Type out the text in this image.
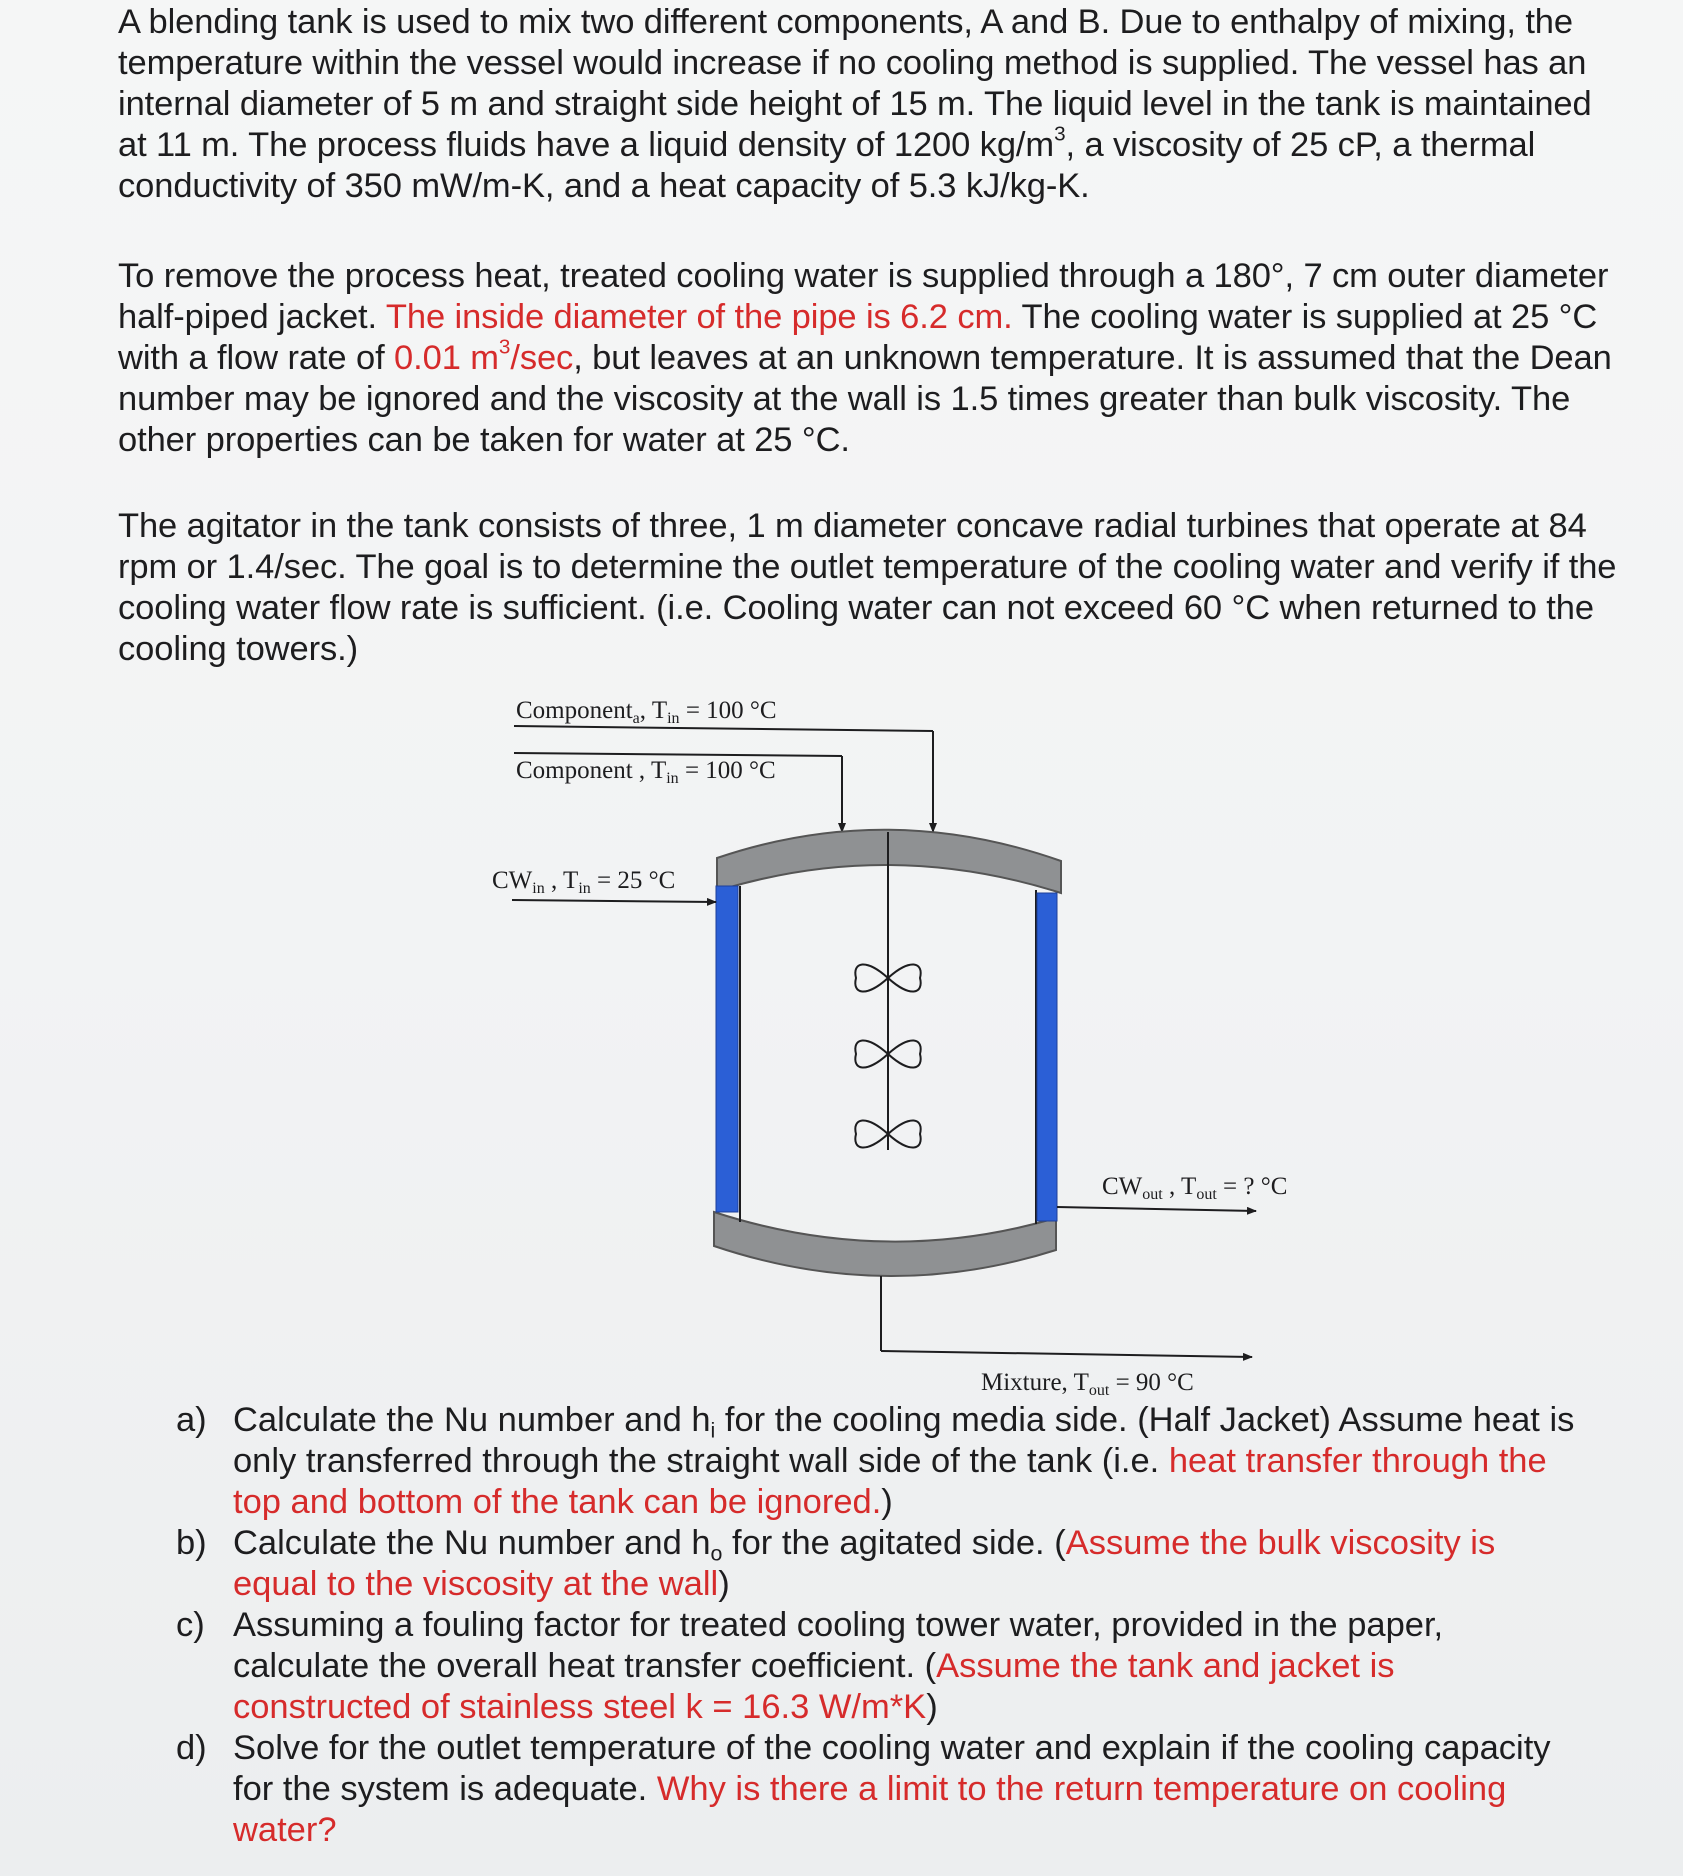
A blending tank is used to mix two different components, A and B. Due to enthalpy of mixing, the temperature within the vessel would increase if no cooling method is supplied. The vessel has an internal diameter of 5 m and straight side height of 15 m. The liquid level in the tank is maintained at 11 m. The process fluids have a liquid density of 1200 $kg/m^3$, a viscosity of 25 cP, a thermal conductivity of 350 mW/m-K, and a heat capacity of 5.3 kJ/kg-K.

To remove the process heat, treated cooling water is supplied through a 180°, 7 cm outer diameter half-piped jacket. The inside diameter of the pipe is 6.2 cm. The cooling water is supplied at 25 °C with a flow rate of 0.01 $m^3/\sec$, but leaves at an unknown temperature. It is assumed that the Dean number may be ignored and the viscosity at the wall is 1.5 times greater than bulk viscosity. The other properties can be taken for water at 25 °C.

The agitator in the tank consists of three, 1 m diameter concave radial turbines that operate at 84 rpm or 1.4/sec. The goal is to determine the outlet temperature of the cooling water and verify if the cooling water flow rate is sufficient. (i.e. Cooling water can not exceed 60 °C when returned to the cooling towers.)

Component$_a$, $T_{in} = 100$ °C
Component , $T_{in} = 100$ °C
$CW_{in}$ , $T_{in} = 25$ °C
$CW_{out}$ , $T_{out}$ = ? °C
Mixture, $T_{out} = 90$ °C
a) Calculate the Nu number and $h_i$ for the cooling media side. (Half Jacket) Assume heat is only transferred through the straight wall side of the tank (i.e. heat transfer through the top and bottom of the tank can be ignored.)
b) Calculate the Nu number and $h_o$ for the agitated side. (Assume the bulk viscosity is equal to the viscosity at the wall)
c) Assuming a fouling factor for treated cooling tower water, provided in the paper, calculate the overall heat transfer coefficient. (Assume the tank and jacket is constructed of stainless steel k = 16.3 W/m*K)
d) Solve for the outlet temperature of the cooling water and explain if the cooling capacity for the system is adequate. Why is there a limit to the return temperature on cooling water?
